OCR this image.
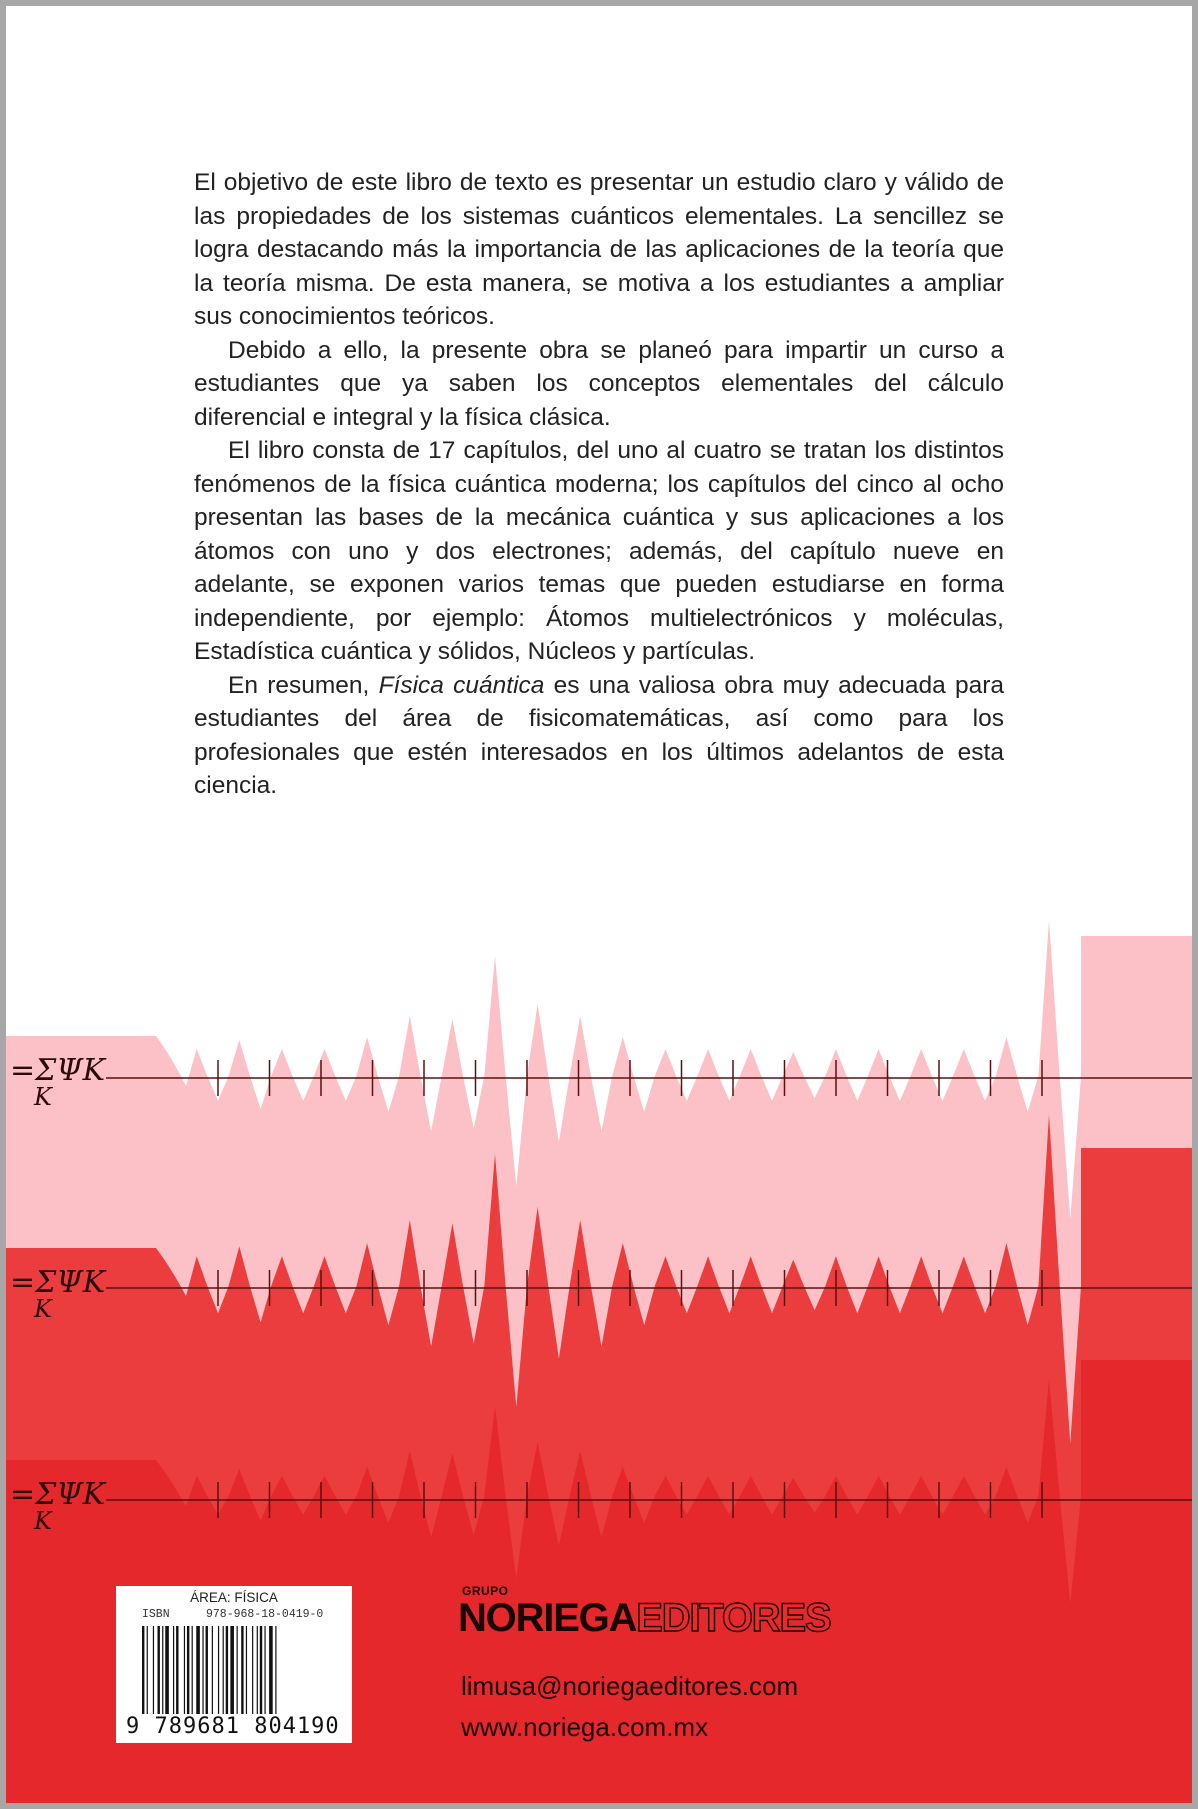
El objetivo de este libro de texto es presentar un estudio claro y válido de las propiedades de los sistemas cuánticos elementales. La sencillez se logra destacando más la importancia de las aplicaciones de la teoría que la teoría misma. De esta manera, se motiva a los estudiantes a ampliar sus conocimientos teóricos.

Debido a ello, la presente obra se planeó para impartir un curso a estudiantes que ya saben los conceptos elementales del cálculo diferencial e integral y la física clásica.

El libro consta de 17 capítulos, del uno al cuatro se tratan los distintos fenómenos de la física cuántica moderna; los capítulos del cinco al ocho presentan las bases de la mecánica cuántica y sus aplicaciones a los átomos con uno y dos electrones; además, del capítulo nueve en adelante, se exponen varios temas que pueden estudiarse en forma independiente, por ejemplo: Átomos multielectrónicos y moléculas, Estadística cuántica y sólidos, Núcleos y partículas.

En resumen, Física cuántica es una valiosa obra muy adecuada para estudiantes del área de fisicomatemáticas, así como para los profesionales que estén interesados en los últimos adelantos de esta ciencia.

=ΣΨK
K
=ΣΨK
K
=ΣΨK
K
ÁREA: FÍSICA
ISBN	978-968-18-0419-0
9 789681 804190
GRUPO
NORIEGAEDITORES
limusa@noriegaeditores.com
www.noriega.com.mx
